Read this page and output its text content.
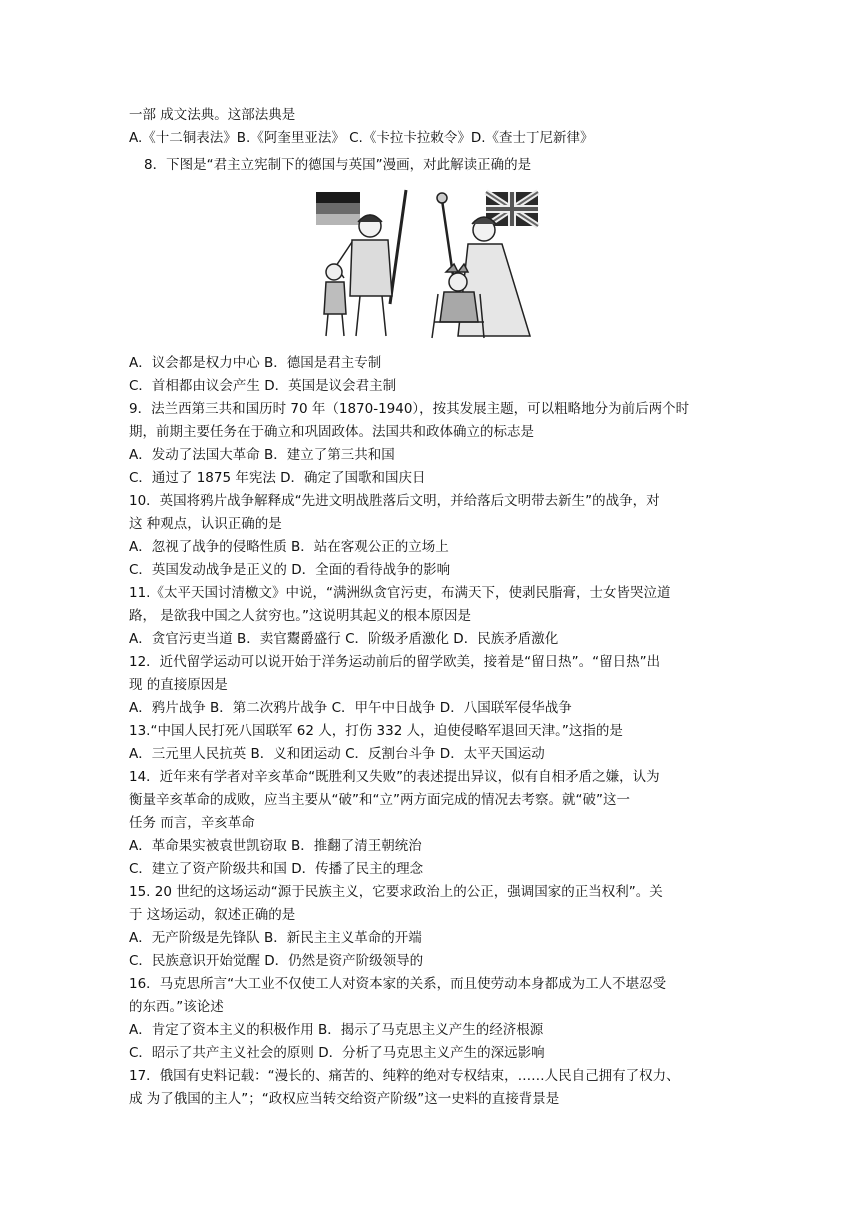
一部 成文法典。这部法典是
A.《十二铜表法》B.《阿奎里亚法》 C.《卡拉卡拉敕令》D.《查士丁尼新律》
8．下图是“君主立宪制下的德国与英国”漫画，对此解读正确的是
A．议会都是权力中心 B．德国是君主专制
C．首相都由议会产生 D．英国是议会君主制
9．法兰西第三共和国历时 70 年（1870-1940），按其发展主题，可以粗略地分为前后两个时
期，前期主要任务在于确立和巩固政体。法国共和政体确立的标志是
A．发动了法国大革命 B．建立了第三共和国
C．通过了 1875 年宪法 D．确定了国歌和国庆日
10．英国将鸦片战争解释成“先进文明战胜落后文明，并给落后文明带去新生”的战争，对
这 种观点，认识正确的是
A．忽视了战争的侵略性质 B．站在客观公正的立场上
C．英国发动战争是正义的 D．全面的看待战争的影响
11.《太平天国讨清檄文》中说，“满洲纵贪官污吏，布满天下，使剥民脂膏，士女皆哭泣道
路， 是欲我中国之人贫穷也。”这说明其起义的根本原因是
A．贪官污吏当道 B．卖官鬻爵盛行 C．阶级矛盾激化 D．民族矛盾激化
12．近代留学运动可以说开始于洋务运动前后的留学欧美，接着是“留日热”。“留日热”出
现 的直接原因是
A．鸦片战争 B．第二次鸦片战争 C．甲午中日战争 D．八国联军侵华战争
13.“中国人民打死八国联军 62 人，打伤 332 人，迫使侵略军退回天津。”这指的是
A．三元里人民抗英 B．义和团运动 C．反割台斗争 D．太平天国运动
14．近年来有学者对辛亥革命“既胜利又失败”的表述提出异议，似有自相矛盾之嫌，认为
衡量辛亥革命的成败，应当主要从“破”和“立”两方面完成的情况去考察。就“破”这一
任务 而言，辛亥革命
A．革命果实被袁世凯窃取 B．推翻了清王朝统治
C．建立了资产阶级共和国 D．传播了民主的理念
15. 20 世纪的这场运动“源于民族主义，它要求政治上的公正，强调国家的正当权利”。关
于 这场运动，叙述正确的是
A．无产阶级是先锋队 B．新民主主义革命的开端
C．民族意识开始觉醒 D．仍然是资产阶级领导的
16．马克思所言“大工业不仅使工人对资本家的关系，而且使劳动本身都成为工人不堪忍受
的东西。”该论述
A．肯定了资本主义的积极作用 B．揭示了马克思主义产生的经济根源
C．昭示了共产主义社会的原则 D．分析了马克思主义产生的深远影响
17．俄国有史料记载：“漫长的、痛苦的、纯粹的绝对专权结束，……人民自己拥有了权力、
成 为了俄国的主人”；“政权应当转交给资产阶级”这一史料的直接背景是
